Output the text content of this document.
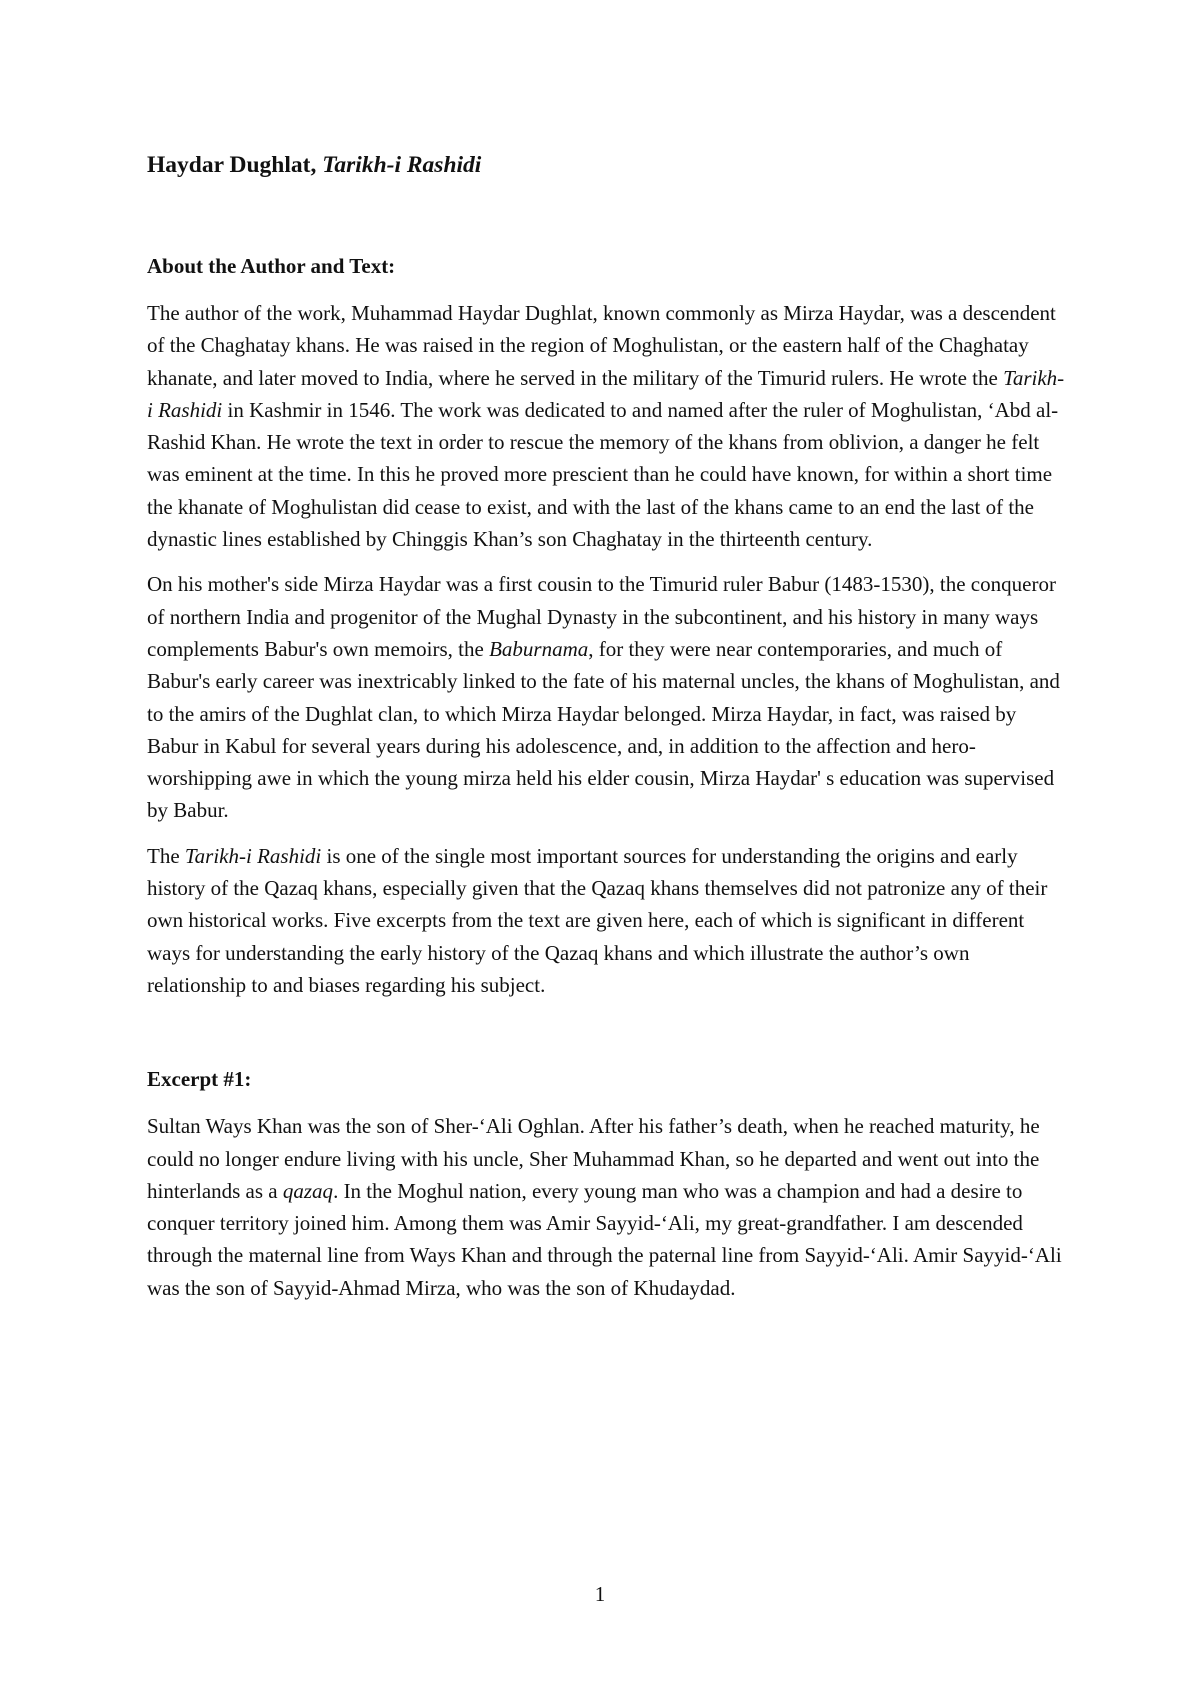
Haydar Dughlat, Tarikh-i Rashidi
About the Author and Text:

The author of the work, Muhammad Haydar Dughlat, known commonly as Mirza Haydar, was a descendent of the Chaghatay khans. He was raised in the region of Moghulistan, or the eastern half of the Chaghatay khanate, and later moved to India, where he served in the military of the Timurid rulers. He wrote the Tarikh-i Rashidi in Kashmir in 1546. The work was dedicated to and named after the ruler of Moghulistan, ‘Abd al-Rashid Khan. He wrote the text in order to rescue the memory of the khans from oblivion, a danger he felt was eminent at the time. In this he proved more prescient than he could have known, for within a short time the khanate of Moghulistan did cease to exist, and with the last of the khans came to an end the last of the dynastic lines established by Chinggis Khan’s son Chaghatay in the thirteenth century.

On his mother's side Mirza Haydar was a first cousin to the Timurid ruler Babur (1483-1530), the conqueror of northern India and progenitor of the Mughal Dynasty in the subcontinent, and his history in many ways complements Babur's own memoirs, the Baburnama, for they were near contemporaries, and much of Babur's early career was inextricably linked to the fate of his maternal uncles, the khans of Moghulistan, and to the amirs of the Dughlat clan, to which Mirza Haydar belonged. Mirza Haydar, in fact, was raised by Babur in Kabul for several years during his adolescence, and, in addition to the affection and hero-worshipping awe in which the young mirza held his elder cousin, Mirza Haydar' s education was supervised by Babur.

The Tarikh-i Rashidi is one of the single most important sources for understanding the origins and early history of the Qazaq khans, especially given that the Qazaq khans themselves did not patronize any of their own historical works. Five excerpts from the text are given here, each of which is significant in different ways for understanding the early history of the Qazaq khans and which illustrate the author’s own relationship to and biases regarding his subject.

Excerpt #1:

Sultan Ways Khan was the son of Sher-‘Ali Oghlan. After his father’s death, when he reached maturity, he could no longer endure living with his uncle, Sher Muhammad Khan, so he departed and went out into the hinterlands as a qazaq. In the Moghul nation, every young man who was a champion and had a desire to conquer territory joined him. Among them was Amir Sayyid-‘Ali, my great-grandfather. I am descended through the maternal line from Ways Khan and through the paternal line from Sayyid-‘Ali. Amir Sayyid-‘Ali was the son of Sayyid-Ahmad Mirza, who was the son of Khudaydad.

1
